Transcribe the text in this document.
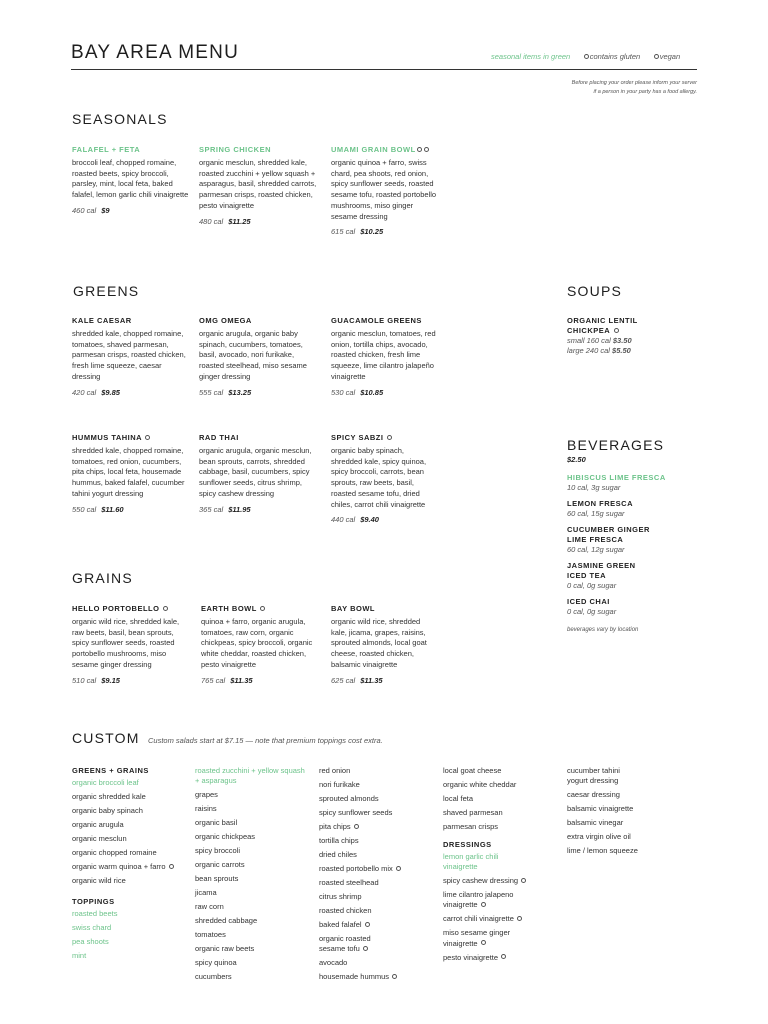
BAY AREA MENU	seasonal items in green	contains gluten	vegan
Before placing your order please inform your server
if a person in your party has a food allergy.
SEASONALS
FALAFEL + FETA
broccoli leaf, chopped romaine, roasted beets, spicy broccoli, parsley, mint, local feta, baked falafel, lemon garlic chili vinaigrette
460 cal $9
SPRING CHICKEN
organic mesclun, shredded kale, roasted zucchini + yellow squash + asparagus, basil, shredded carrots, parmesan crisps, roasted chicken, pesto vinaigrette
480 cal $11.25
UMAMI GRAIN BOWL
organic quinoa + farro, swiss chard, pea shoots, red onion, spicy sunflower seeds, roasted sesame tofu, roasted portobello mushrooms, miso ginger sesame dressing
615 cal $10.25
GREENS
KALE CAESAR
shredded kale, chopped romaine, tomatoes, shaved parmesan, parmesan crisps, roasted chicken, fresh lime squeeze, caesar dressing
420 cal $9.85
OMG OMEGA
organic arugula, organic baby spinach, cucumbers, tomatoes, basil, avocado, nori furikake, roasted steelhead, miso sesame ginger dressing
555 cal $13.25
GUACAMOLE GREENS
organic mesclun, tomatoes, red onion, tortilla chips, avocado, roasted chicken, fresh lime squeeze, lime cilantro jalapeño vinaigrette
530 cal $10.85
HUMMUS TAHINA
shredded kale, chopped romaine, tomatoes, red onion, cucumbers, pita chips, local feta, housemade hummus, baked falafel, cucumber tahini yogurt dressing
550 cal $11.60
RAD THAI
organic arugula, organic mesclun, bean sprouts, carrots, shredded cabbage, basil, cucumbers, spicy sunflower seeds, citrus shrimp, spicy cashew dressing
365 cal $11.95
SPICY SABZI
organic baby spinach, shredded kale, spicy quinoa, spicy broccoli, carrots, bean sprouts, raw beets, basil, roasted sesame tofu, dried chiles, carrot chili vinaigrette
440 cal $9.40
SOUPS
ORGANIC LENTIL
CHICKPEA
small 160 cal $3.50
large 240 cal $5.50
BEVERAGES
$2.50
HIBISCUS LIME FRESCA
10 cal, 3g sugar
LEMON FRESCA
60 cal, 15g sugar
CUCUMBER GINGER LIME FRESCA
60 cal, 12g sugar
JASMINE GREEN ICED TEA
0 cal, 0g sugar
ICED CHAI
0 cal, 0g sugar
beverages vary by location
GRAINS
HELLO PORTOBELLO
organic wild rice, shredded kale, raw beets, basil, bean sprouts, spicy sunflower seeds, roasted portobello mushrooms, miso sesame ginger dressing
510 cal $9.15
EARTH BOWL
quinoa + farro, organic arugula, tomatoes, raw corn, organic chickpeas, spicy broccoli, organic white cheddar, roasted chicken, pesto vinaigrette
765 cal $11.35
BAY BOWL
organic wild rice, shredded kale, jicama, grapes, raisins, sprouted almonds, local goat cheese, roasted chicken, balsamic vinaigrette
625 cal $11.35
CUSTOM Custom salads start at $7.15 — note that premium toppings cost extra.
GREENS + GRAINS
organic broccoli leaf
organic shredded kale
organic baby spinach
organic arugula
organic mesclun
organic chopped romaine
organic warm quinoa + farro
organic wild rice
TOPPINGS
roasted beets
swiss chard
pea shoots
mint
roasted zucchini + yellow squash + asparagus
grapes
raisins
organic basil
organic chickpeas
spicy broccoli
organic carrots
bean sprouts
jicama
raw corn
shredded cabbage
tomatoes
organic raw beets
spicy quinoa
cucumbers
red onion
nori furikake
sprouted almonds
spicy sunflower seeds
pita chips
tortilla chips
dried chiles
roasted portobello mix
roasted steelhead
citrus shrimp
roasted chicken
baked falafel
organic roasted sesame tofu
avocado
housemade hummus
local goat cheese
organic white cheddar
local feta
shaved parmesan
parmesan crisps
DRESSINGS
lemon garlic chili vinaigrette
spicy cashew dressing
lime cilantro jalapeno vinaigrette
carrot chili vinaigrette
miso sesame ginger vinaigrette
pesto vinaigrette
cucumber tahini yogurt dressing
caesar dressing
balsamic vinaigrette
balsamic vinegar
extra virgin olive oil
lime / lemon squeeze
